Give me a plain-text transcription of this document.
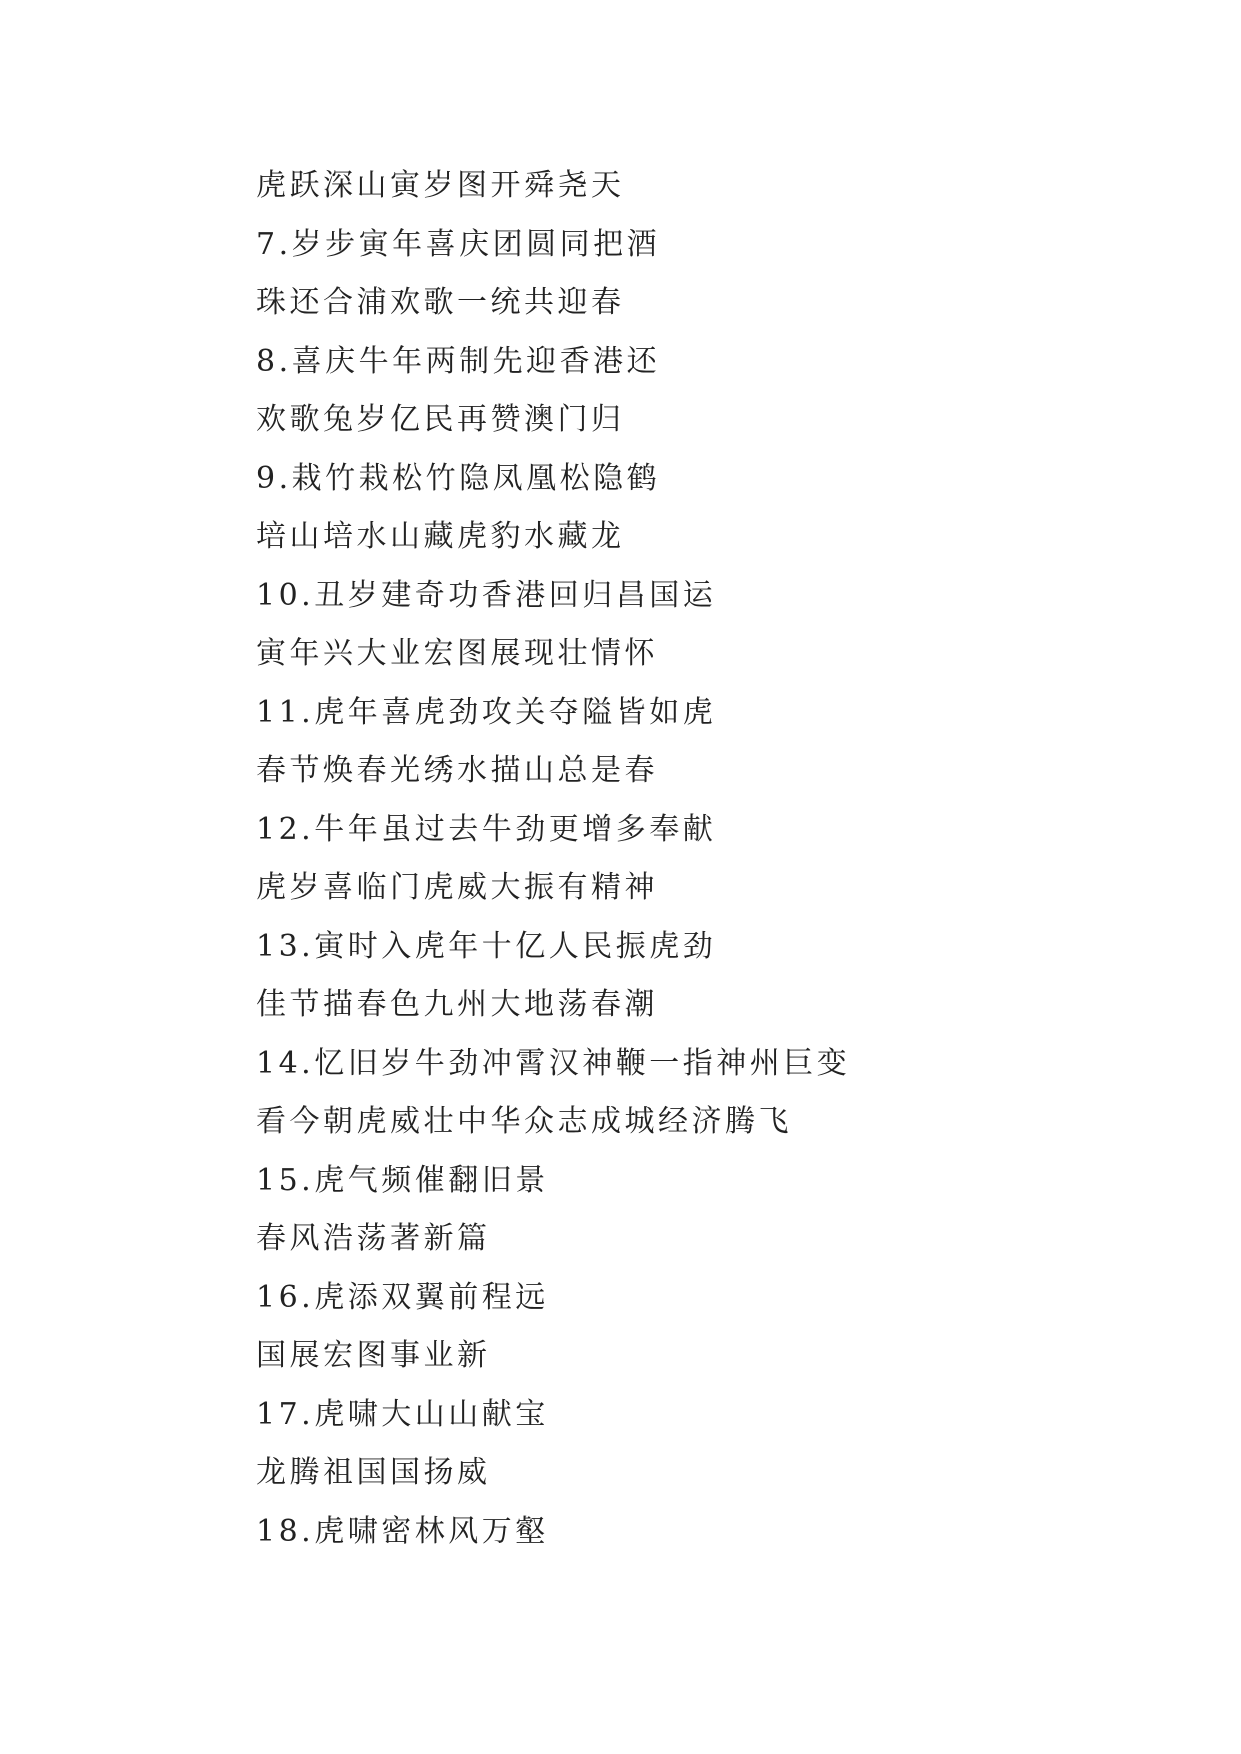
虎跃深山寅岁图开舜尧天
7.岁步寅年喜庆团圆同把酒
珠还合浦欢歌一统共迎春
8.喜庆牛年两制先迎香港还
欢歌兔岁亿民再赞澳门归
9.栽竹栽松竹隐凤凰松隐鹤
培山培水山藏虎豹水藏龙
10.丑岁建奇功香港回归昌国运
寅年兴大业宏图展现壮情怀
11.虎年喜虎劲攻关夺隘皆如虎
春节焕春光绣水描山总是春
12.牛年虽过去牛劲更增多奉献
虎岁喜临门虎威大振有精神
13.寅时入虎年十亿人民振虎劲
佳节描春色九州大地荡春潮
14.忆旧岁牛劲冲霄汉神鞭一指神州巨变
看今朝虎威壮中华众志成城经济腾飞
15.虎气频催翻旧景
春风浩荡著新篇
16.虎添双翼前程远
国展宏图事业新
17.虎啸大山山献宝
龙腾祖国国扬威
18.虎啸密林风万壑
